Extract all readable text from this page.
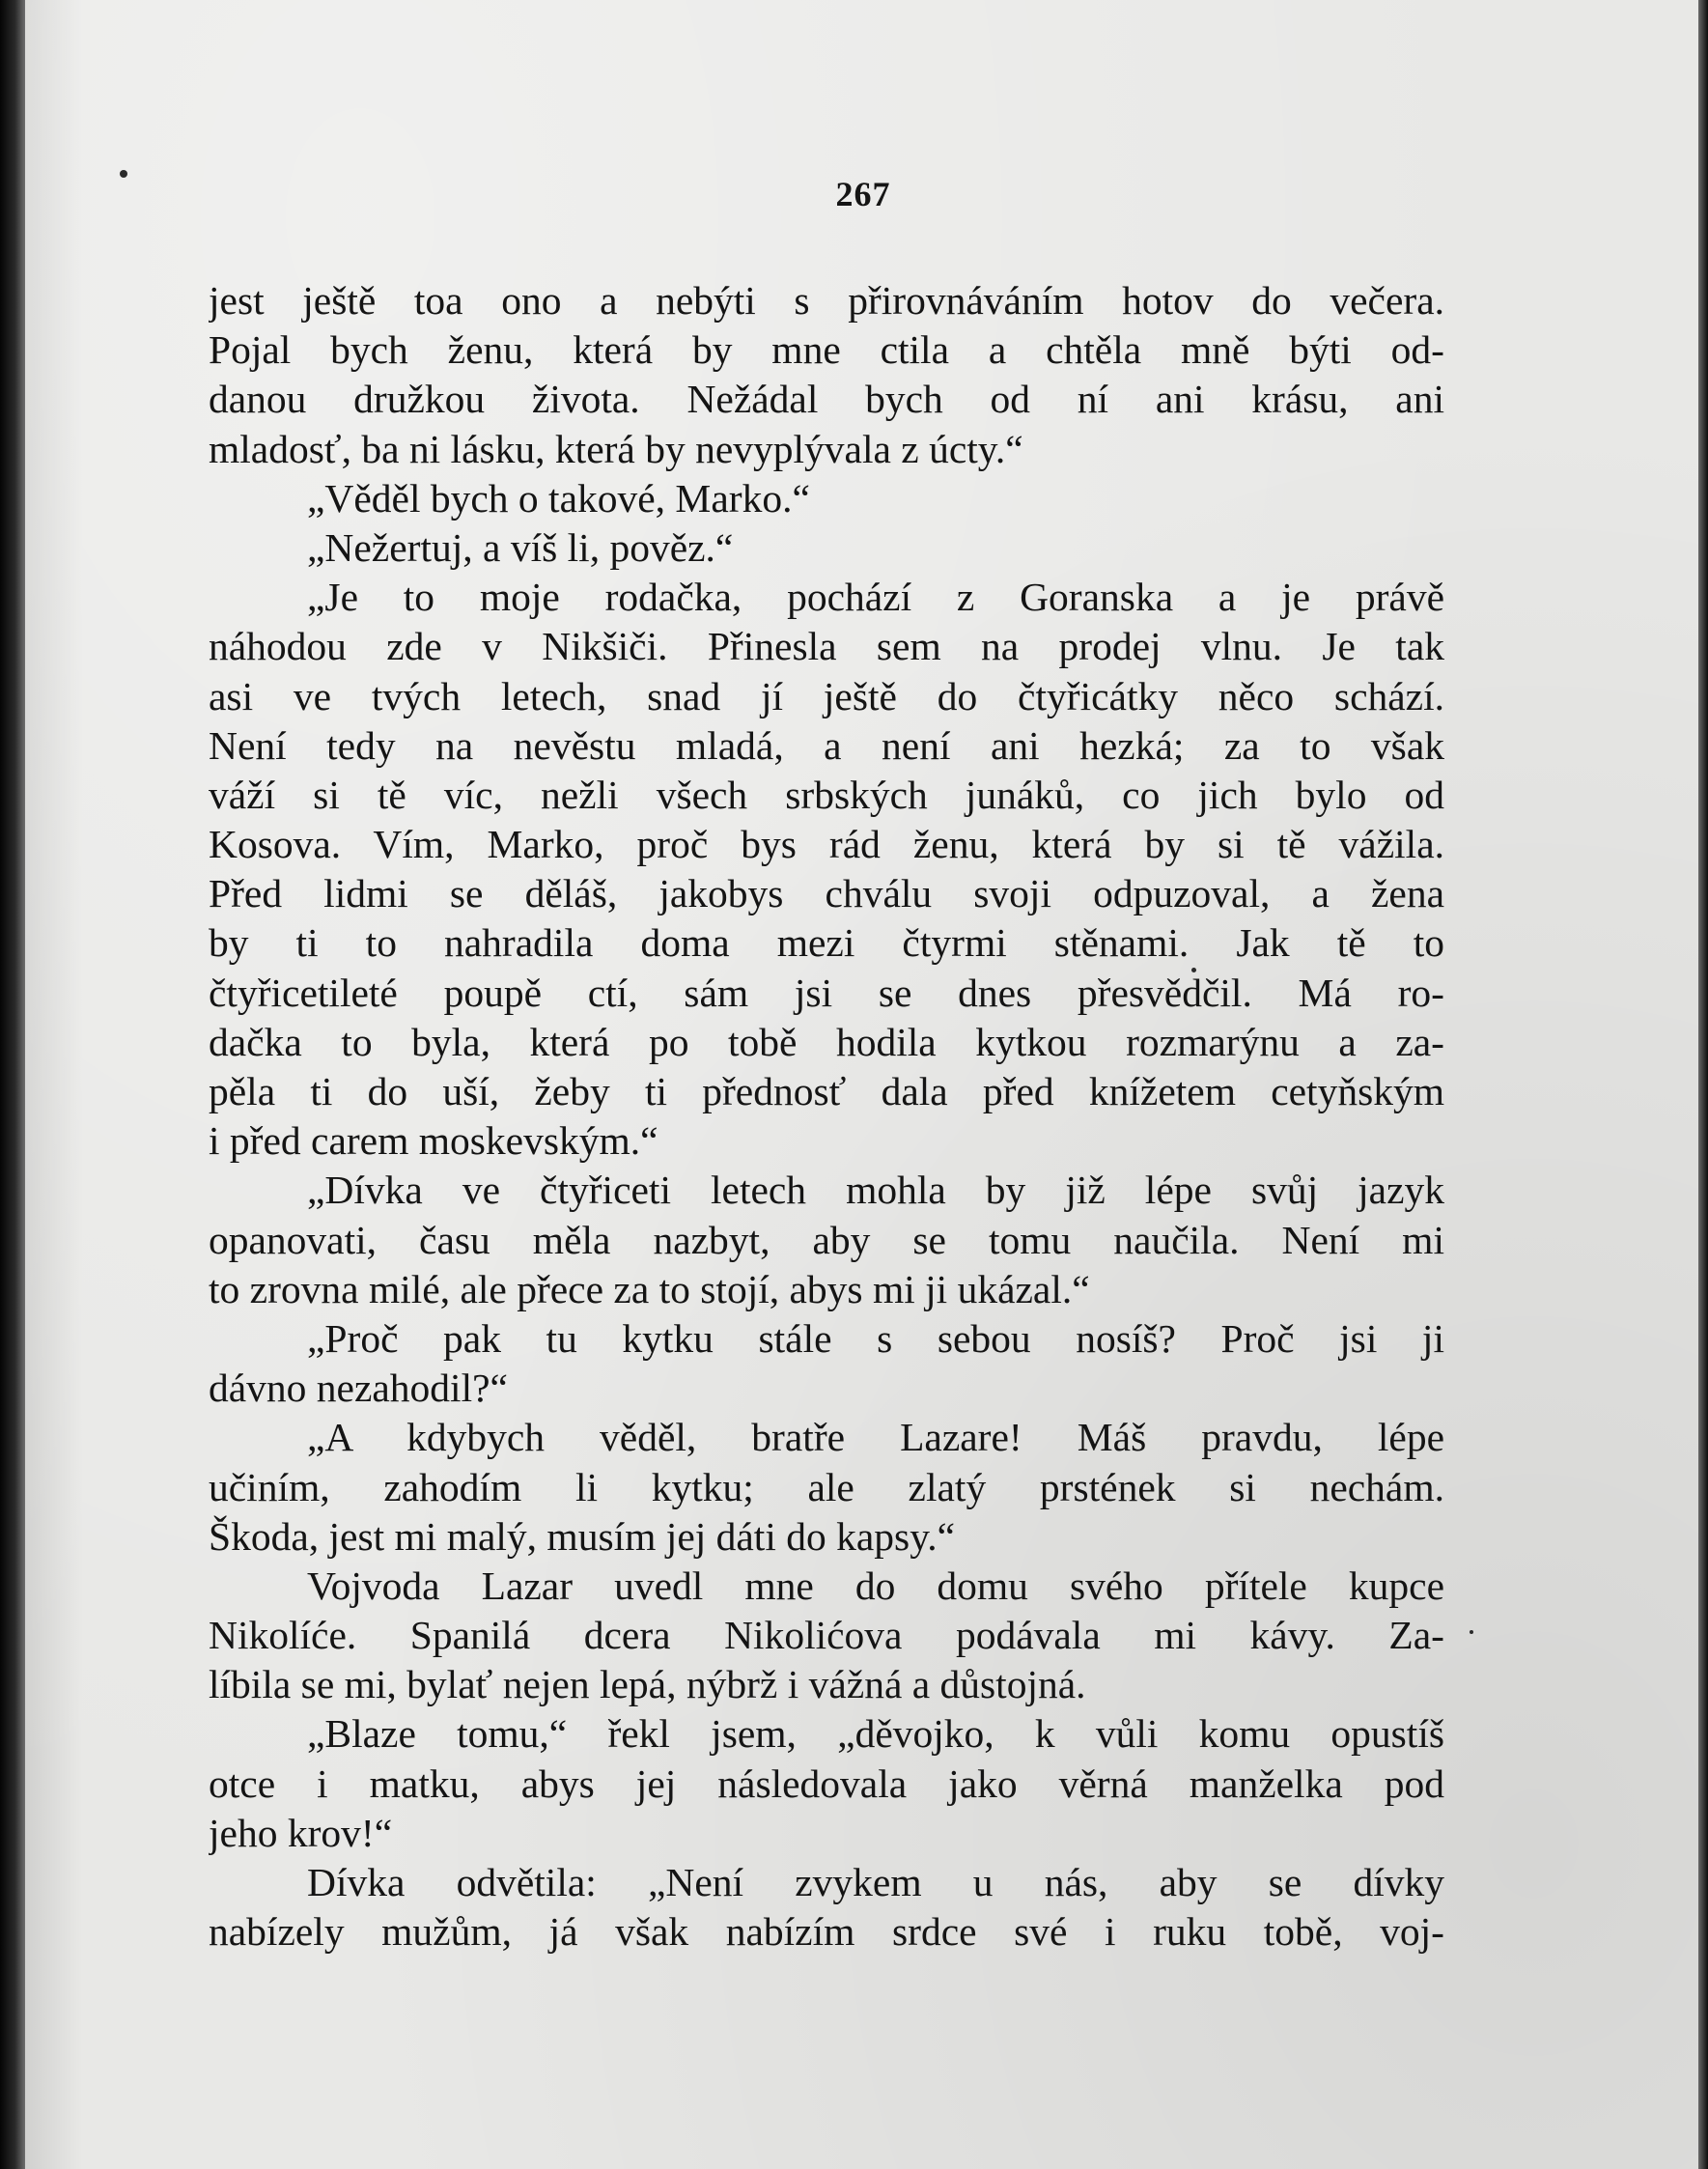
267
jest ještě toa ono a nebýti s přirovnáváním hotov do večera.
Pojal bych ženu, která by mne ctila a chtěla mně býti od-
danou družkou života. Nežádal bych od ní ani krásu, ani
mladosť, ba ni lásku, která by nevyplývala z úcty.“
„Věděl bych o takové, Marko.“
„Nežertuj, a víš li, pověz.“
„Je to moje rodačka, pochází z Goranska a je právě
náhodou zde v Nikšiči. Přinesla sem na prodej vlnu. Je tak
asi ve tvých letech, snad jí ještě do čtyřicátky něco schází.
Není tedy na nevěstu mladá, a není ani hezká; za to však
váží si tě víc, nežli všech srbských junáků, co jich bylo od
Kosova. Vím, Marko, proč bys rád ženu, která by si tě vážila.
Před lidmi se děláš, jakobys chválu svoji odpuzoval, a žena
by ti to nahradila doma mezi čtyrmi stěnami. Jak tě to
čtyřicetileté poupě ctí, sám jsi se dnes přesvědčil. Má ro-
dačka to byla, která po tobě hodila kytkou rozmarýnu a za-
pěla ti do uší, žeby ti přednosť dala před knížetem cetyňským
i před carem moskevským.“
„Dívka ve čtyřiceti letech mohla by již lépe svůj jazyk
opanovati, času měla nazbyt, aby se tomu naučila. Není mi
to zrovna milé, ale přece za to stojí, abys mi ji ukázal.“
„Proč pak tu kytku stále s sebou nosíš? Proč jsi ji
dávno nezahodil?“
„A kdybych věděl, bratře Lazare! Máš pravdu, lépe
učiním, zahodím li kytku; ale zlatý prstének si nechám.
Škoda, jest mi malý, musím jej dáti do kapsy.“
Vojvoda Lazar uvedl mne do domu svého přítele kupce
Nikolíće. Spanilá dcera Nikolićova podávala mi kávy. Za-
líbila se mi, bylať nejen lepá, nýbrž i vážná a důstojná.
„Blaze tomu,“ řekl jsem, „děvojko, k vůli komu opustíš
otce i matku, abys jej následovala jako věrná manželka pod
jeho krov!“
Dívka odvětila: „Není zvykem u nás, aby se dívky
nabízely mužům, já však nabízím srdce své i ruku tobě, voj-
